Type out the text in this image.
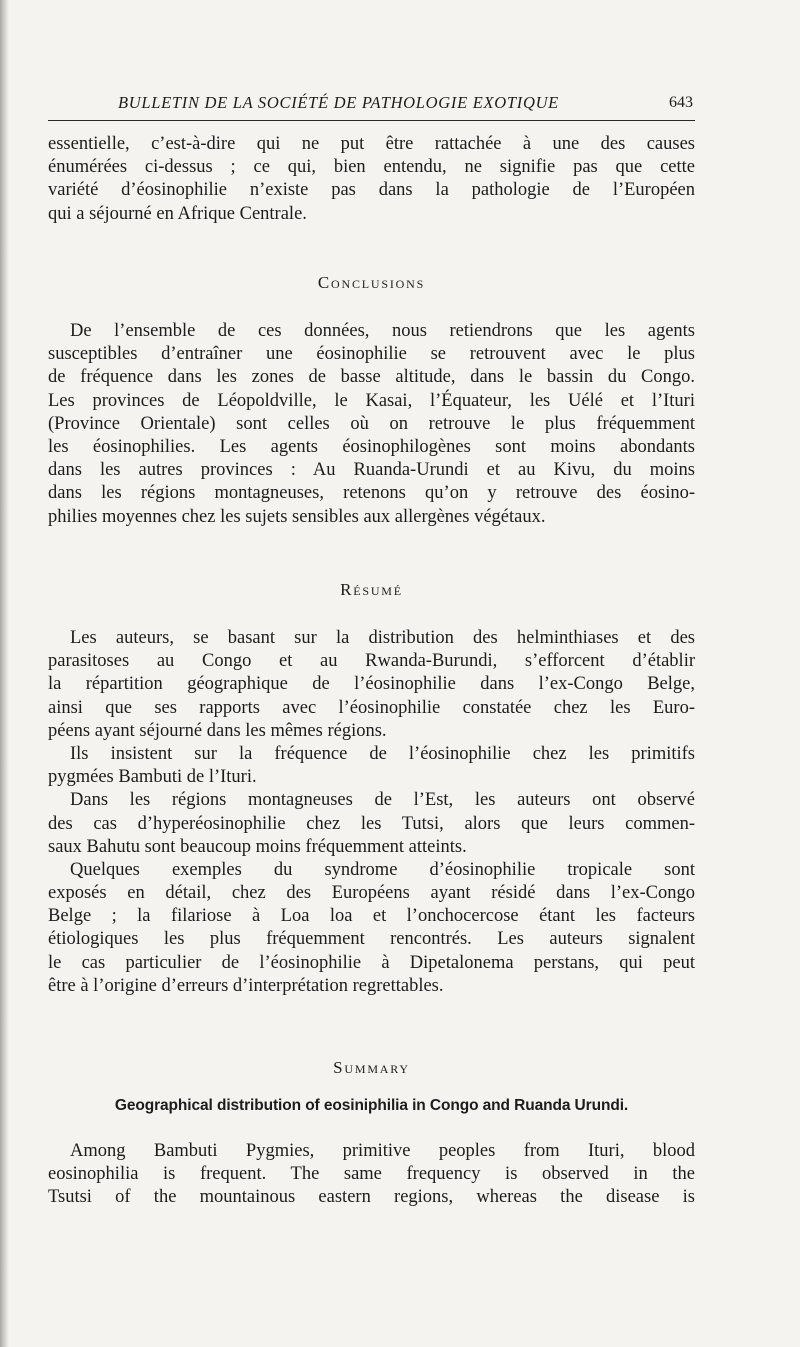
BULLETIN DE LA SOCIÉTÉ DE PATHOLOGIE EXOTIQUE	643
essentielle, c’est-à-dire qui ne put être rattachée à une des causes
énumérées ci-dessus ; ce qui, bien entendu, ne signifie pas que cette
variété d’éosinophilie n’existe pas dans la pathologie de l’Européen
qui a séjourné en Afrique Centrale.
Conclusions
De l’ensemble de ces données, nous retiendrons que les agents
susceptibles d’entraîner une éosinophilie se retrouvent avec le plus
de fréquence dans les zones de basse altitude, dans le bassin du Congo.
Les provinces de Léopoldville, le Kasai, l’Équateur, les Uélé et l’Ituri
(Province Orientale) sont celles où on retrouve le plus fréquemment
les éosinophilies. Les agents éosinophilogènes sont moins abondants
dans les autres provinces : Au Ruanda-Urundi et au Kivu, du moins
dans les régions montagneuses, retenons qu’on y retrouve des éosino-
philies moyennes chez les sujets sensibles aux allergènes végétaux.
Résumé
Les auteurs, se basant sur la distribution des helminthiases et des
parasitoses au Congo et au Rwanda-Burundi, s’efforcent d’établir
la répartition géographique de l’éosinophilie dans l’ex-Congo Belge,
ainsi que ses rapports avec l’éosinophilie constatée chez les Euro-
péens ayant séjourné dans les mêmes régions.
Ils insistent sur la fréquence de l’éosinophilie chez les primitifs
pygmées Bambuti de l’Ituri.
Dans les régions montagneuses de l’Est, les auteurs ont observé
des cas d’hyperéosinophilie chez les Tutsi, alors que leurs commen-
saux Bahutu sont beaucoup moins fréquemment atteints.
Quelques exemples du syndrome d’éosinophilie tropicale sont
exposés en détail, chez des Européens ayant résidé dans l’ex-Congo
Belge ; la filariose à Loa loa et l’onchocercose étant les facteurs
étiologiques les plus fréquemment rencontrés. Les auteurs signalent
le cas particulier de l’éosinophilie à Dipetalonema perstans, qui peut
être à l’origine d’erreurs d’interprétation regrettables.
Summary
Geographical distribution of eosiniphilia in Congo and Ruanda Urundi.
Among Bambuti Pygmies, primitive peoples from Ituri, blood
eosinophilia is frequent. The same frequency is observed in the
Tsutsi of the mountainous eastern regions, whereas the disease is
